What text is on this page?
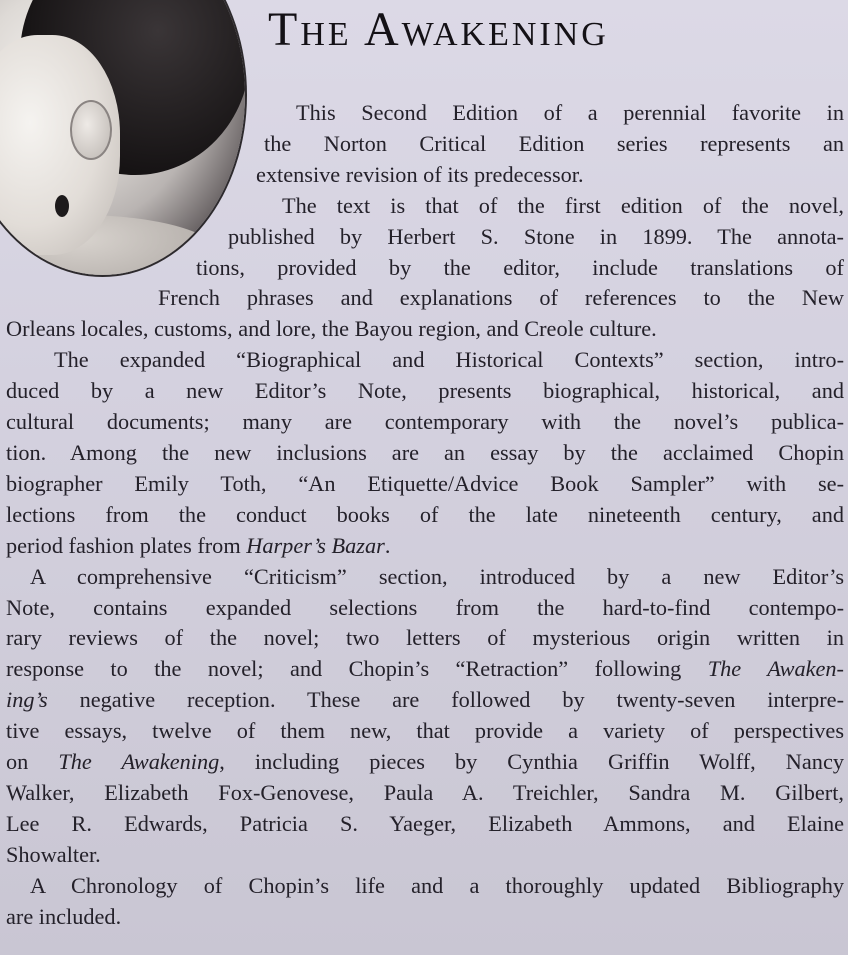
The Awakening
This Second Edition of a perennial favorite in
the Norton Critical Edition series represents an
extensive revision of its predecessor.
The text is that of the first edition of the novel,
published by Herbert S. Stone in 1899. The annota-
tions, provided by the editor, include translations of
French phrases and explanations of references to the New
Orleans locales, customs, and lore, the Bayou region, and Creole culture.
The expanded “Biographical and Historical Contexts” section, intro-
duced by a new Editor’s Note, presents biographical, historical, and
cultural documents; many are contemporary with the novel’s publica-
tion. Among the new inclusions are an essay by the acclaimed Chopin
biographer Emily Toth, “An Etiquette/Advice Book Sampler” with se-
lections from the conduct books of the late nineteenth century, and
period fashion plates from Harper’s Bazar.
A comprehensive “Criticism” section, introduced by a new Editor’s
Note, contains expanded selections from the hard-to-find contempo-
rary reviews of the novel; two letters of mysterious origin written in
response to the novel; and Chopin’s “Retraction” following The Awaken-
ing’s negative reception. These are followed by twenty-seven interpre-
tive essays, twelve of them new, that provide a variety of perspectives
on The Awakening, including pieces by Cynthia Griffin Wolff, Nancy
Walker, Elizabeth Fox-Genovese, Paula A. Treichler, Sandra M. Gilbert,
Lee R. Edwards, Patricia S. Yaeger, Elizabeth Ammons, and Elaine
Showalter.
A Chronology of Chopin’s life and a thoroughly updated Bibliography
are included.
